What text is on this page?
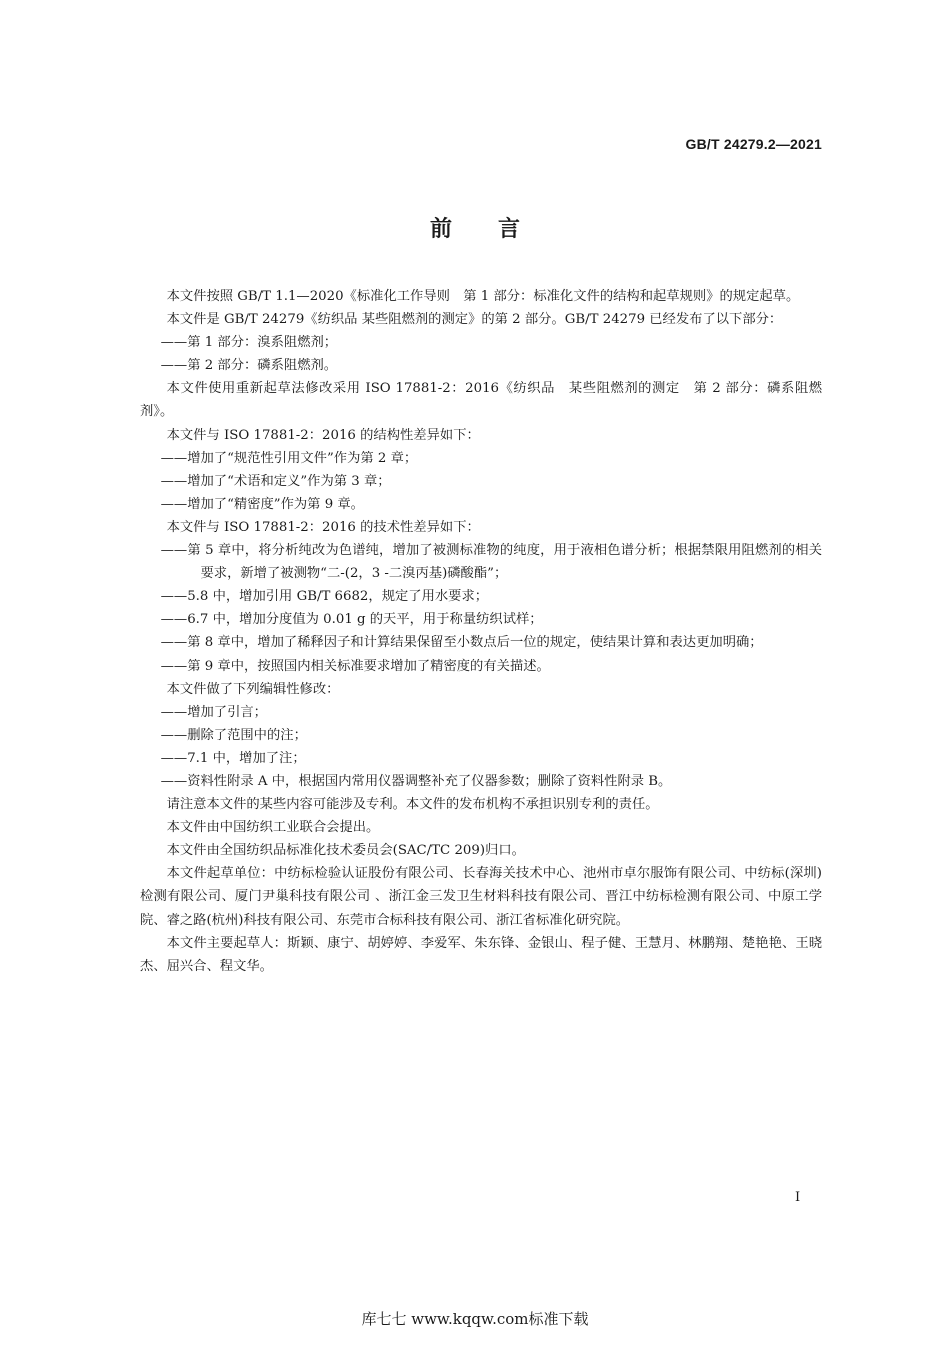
GB/T 24279.2—2021
前言

本文件按照 GB/T 1.1—2020《标准化工作导则　第 1 部分：标准化文件的结构和起草规则》的规定起草。

本文件是 GB/T 24279《纺织品 某些阻燃剂的测定》的第 2 部分。GB/T 24279 已经发布了以下部分：

——第 1 部分：溴系阻燃剂；

——第 2 部分：磷系阻燃剂。

本文件使用重新起草法修改采用 ISO 17881-2：2016《纺织品　某些阻燃剂的测定　第 2 部分：磷系阻燃剂》。

本文件与 ISO 17881-2：2016 的结构性差异如下：

——增加了“规范性引用文件”作为第 2 章；

——增加了“术语和定义”作为第 3 章；

——增加了“精密度”作为第 9 章。

本文件与 ISO 17881-2：2016 的技术性差异如下：

——第 5 章中，将分析纯改为色谱纯，增加了被测标准物的纯度，用于液相色谱分析；根据禁限用阻燃剂的相关要求，新增了被测物“二-(2，3 -二溴丙基)磷酸酯”；

——5.8 中，增加引用 GB/T 6682，规定了用水要求；

——6.7 中，增加分度值为 0.01 g 的天平，用于称量纺织试样；

——第 8 章中，增加了稀释因子和计算结果保留至小数点后一位的规定，使结果计算和表达更加明确；

——第 9 章中，按照国内相关标准要求增加了精密度的有关描述。

本文件做了下列编辑性修改：

——增加了引言；

——删除了范围中的注；

——7.1 中，增加了注；

——资料性附录 A 中，根据国内常用仪器调整补充了仪器参数；删除了资料性附录 B。

请注意本文件的某些内容可能涉及专利。本文件的发布机构不承担识别专利的责任。

本文件由中国纺织工业联合会提出。

本文件由全国纺织品标准化技术委员会(SAC/TC 209)归口。

本文件起草单位：中纺标检验认证股份有限公司、长春海关技术中心、池州市卓尔服饰有限公司、中纺标(深圳)检测有限公司、厦门尹巢科技有限公司 、浙江金三发卫生材料科技有限公司、晋江中纺标检测有限公司、中原工学院、睿之路(杭州)科技有限公司、东莞市合标科技有限公司、浙江省标准化研究院。

本文件主要起草人：斯颖、康宁、胡婷婷、李爱军、朱东锋、金银山、程子健、王慧月、林鹏翔、楚艳艳、王晓杰、屈兴合、程文华。

I
库七七 www.kqqw.com标准下载
